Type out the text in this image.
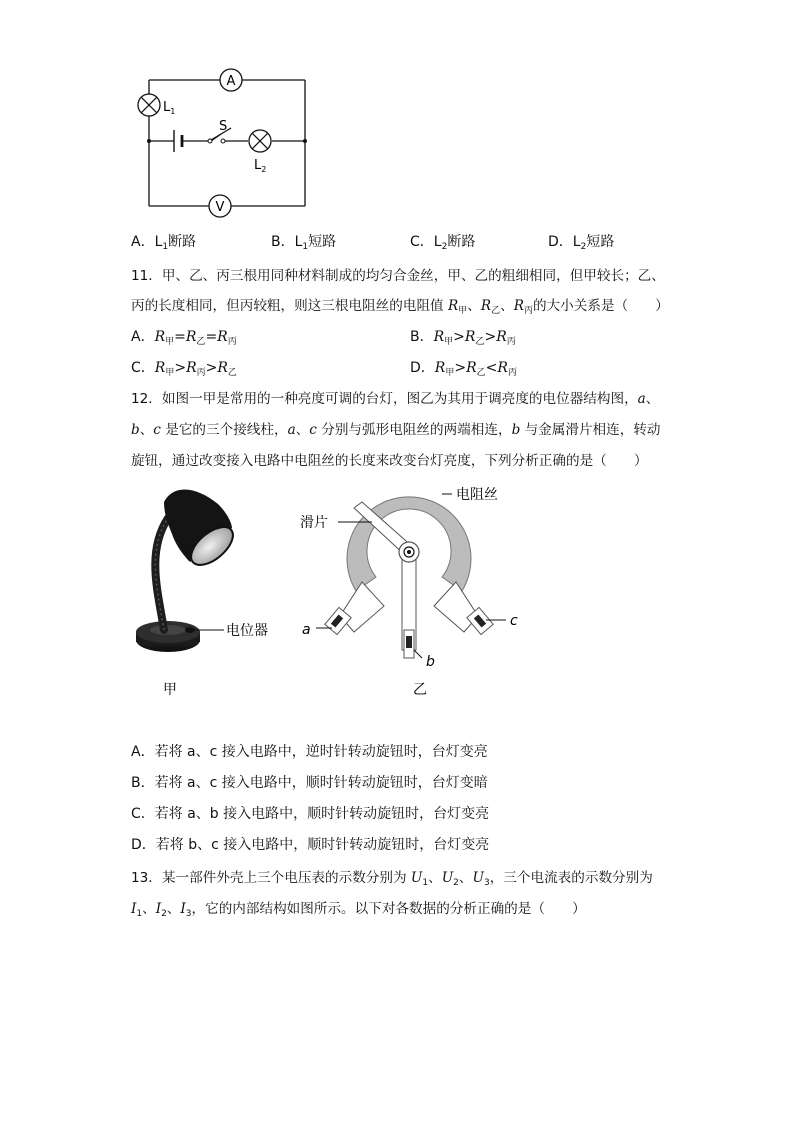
S
$L_1$
$L_2$
A
V
A．$L_1$断路	B．$L_1$短路	C．$L_2$断路	D．$L_2$短路
11．甲、乙、丙三根用同种材料制成的均匀合金丝，甲、乙的粗细相同，但甲较长；乙、
丙的长度相同，但丙较粗，则这三根电阻丝的电阻值 $R_甲$、$R_乙$、$R_丙$的大小关系是（　　）
A．$R_甲=R_乙=R_丙$	B．$R_甲>R_乙>R_丙$
C．$R_甲>R_丙>R_乙$	D．$R_甲>R_乙<R_丙$
12．如图一甲是常用的一种亮度可调的台灯，图乙为其用于调亮度的电位器结构图，a、
b、c 是它的三个接线柱，a、c 分别与弧形电阻丝的两端相连，b 与金属滑片相连，转动
旋钮，通过改变接入电路中电阻丝的长度来改变台灯亮度，下列分析正确的是（　　）
电位器
甲
电阻丝
滑片
a
b
c
乙
A．若将 a、c 接入电路中，逆时针转动旋钮时，台灯变亮
B．若将 a、c 接入电路中，顺时针转动旋钮时，台灯变暗
C．若将 a、b 接入电路中，顺时针转动旋钮时，台灯变亮
D．若将 b、c 接入电路中，顺时针转动旋钮时，台灯变亮
13．某一部件外壳上三个电压表的示数分别为 $U_1$、$U_2$、$U_3$，三个电流表的示数分别为
$I_1$、$I_2$、$I_3$，它的内部结构如图所示。以下对各数据的分析正确的是（　　）
